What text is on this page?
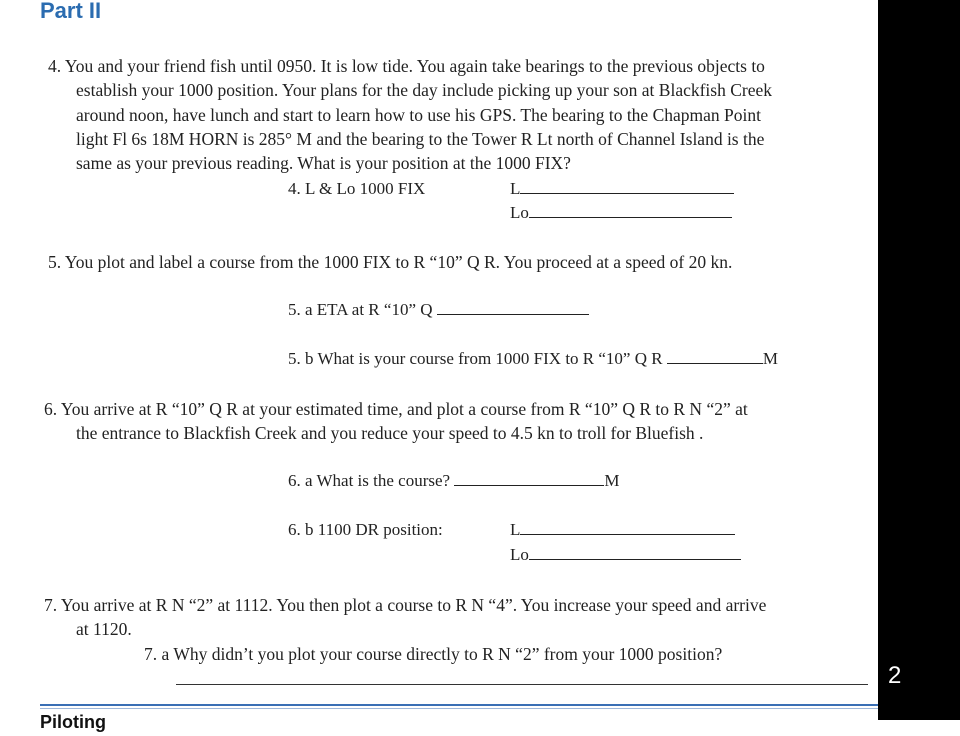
Part II
4. You and your friend fish until 0950. It is low tide. You again take bearings to the previous objects to
establish your 1000 position. Your plans for the day include picking up your son at Blackfish Creek
around noon, have lunch and start to learn how to use his GPS. The bearing to the Chapman Point
light Fl 6s 18M HORN is 285° M and the bearing to the Tower R Lt north of Channel Island is the
same as your previous reading. What is your position at the 1000 FIX?
4. L & Lo 1000 FIX	L
Lo
5. You plot and label a course from the 1000 FIX to R “10” Q R. You proceed at a speed of 20 kn.
5. a ETA at R “10” Q
5. b What is your course from 1000 FIX to R “10” Q R	M
6. You arrive at R “10” Q R at your estimated time, and plot a course from R “10” Q R to R N “2” at
the entrance to Blackfish Creek and you reduce your speed to 4.5 kn to troll for Bluefish .
6. a What is the course?	M
6. b 1100 DR position:	L
Lo
7. You arrive at R N “2” at 1112. You then plot a course to R N “4”. You increase your speed and arrive
at 1120.
7. a Why didn’t you plot your course directly to R N “2” from your 1000 position?
Piloting
2
